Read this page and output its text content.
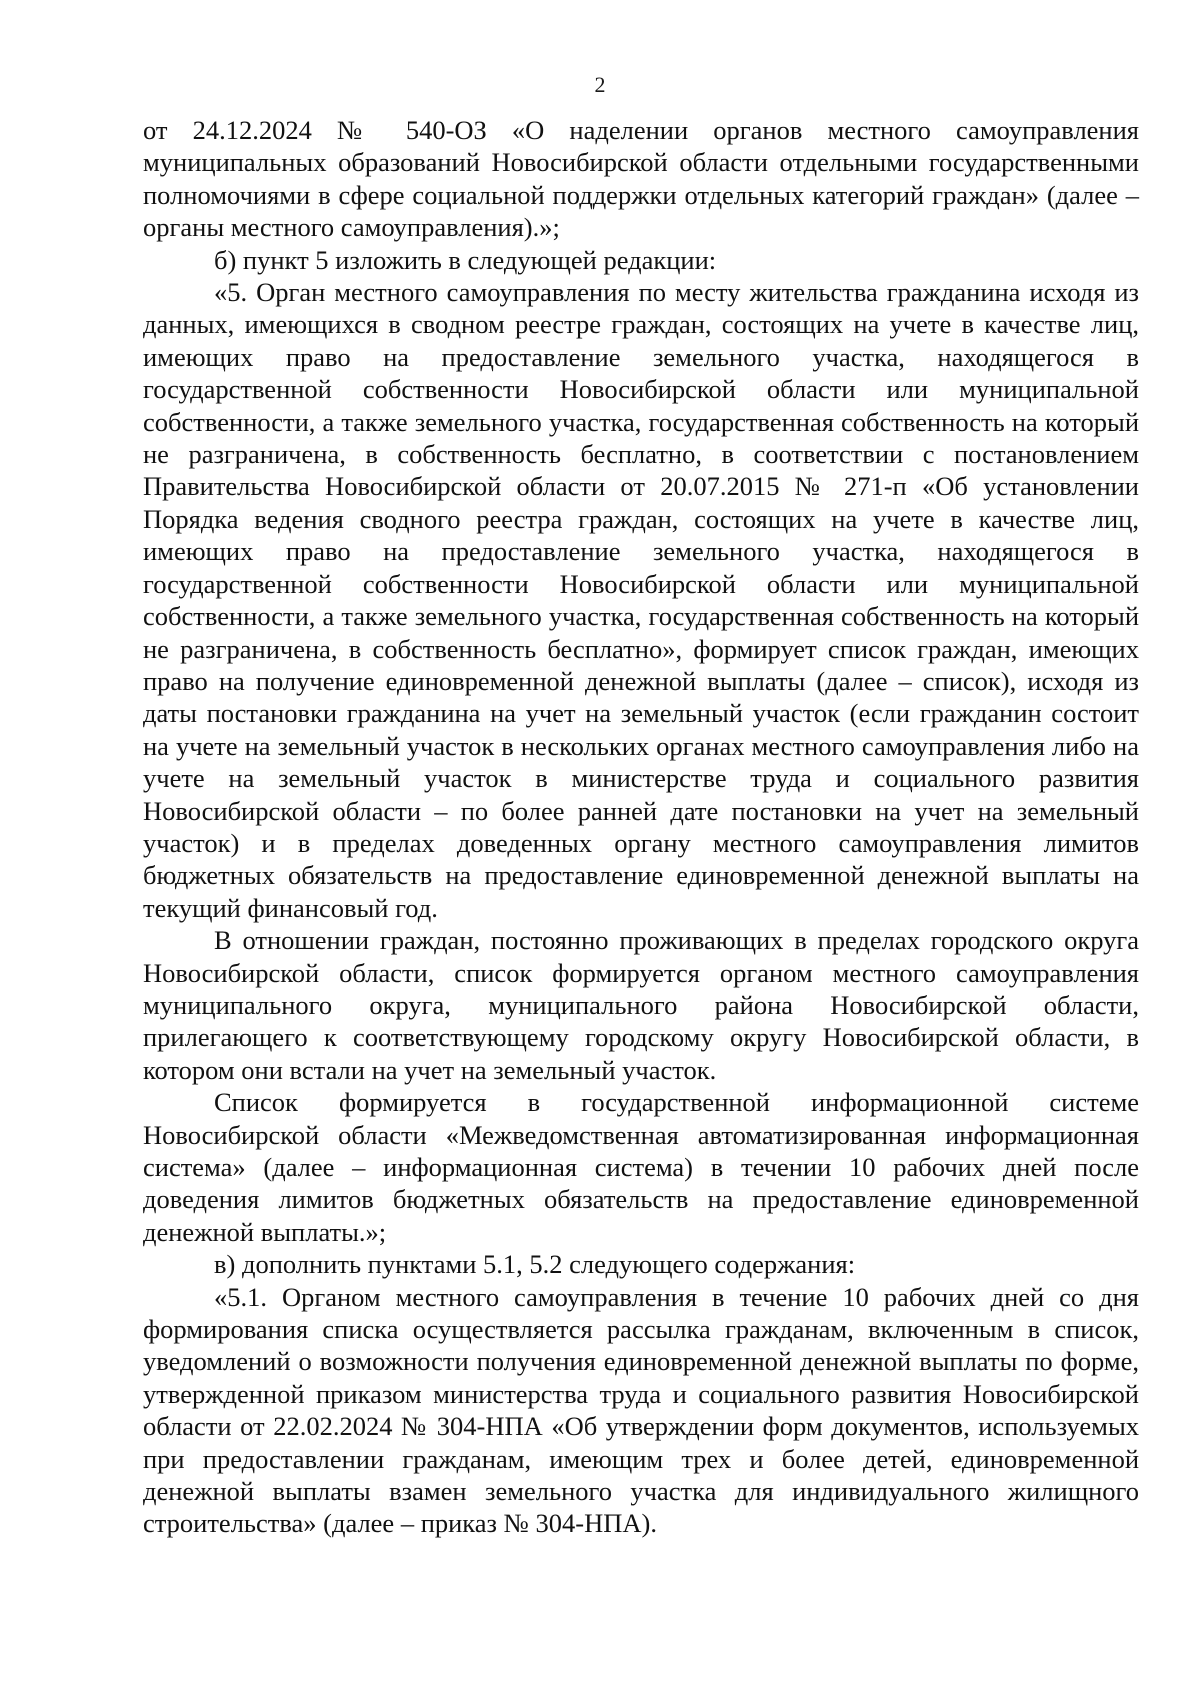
2

от 24.12.2024 № 540-ОЗ «О наделении органов местного самоуправления муниципальных образований Новосибирской области отдельными государственными полномочиями в сфере социальной поддержки отдельных категорий граждан» (далее – органы местного самоуправления).»;

б) пункт 5 изложить в следующей редакции:

«5. Орган местного самоуправления по месту жительства гражданина исходя из данных, имеющихся в сводном реестре граждан, состоящих на учете в качестве лиц, имеющих право на предоставление земельного участка, находящегося в государственной собственности Новосибирской области или муниципальной собственности, а также земельного участка, государственная собственность на который не разграничена, в собственность бесплатно, в соответствии с постановлением Правительства Новосибирской области от 20.07.2015 № 271-п «Об установлении Порядка ведения сводного реестра граждан, состоящих на учете в качестве лиц, имеющих право на предоставление земельного участка, находящегося в государственной собственности Новосибирской области или муниципальной собственности, а также земельного участка, государственная собственность на который не разграничена, в собственность бесплатно», формирует список граждан, имеющих право на получение единовременной денежной выплаты (далее – список), исходя из даты постановки гражданина на учет на земельный участок (если гражданин состоит на учете на земельный участок в нескольких органах местного самоуправления либо на учете на земельный участок в министерстве труда и социального развития Новосибирской области – по более ранней дате постановки на учет на земельный участок) и в пределах доведенных органу местного самоуправления лимитов бюджетных обязательств на предоставление единовременной денежной выплаты на текущий финансовый год.

В отношении граждан, постоянно проживающих в пределах городского округа Новосибирской области, список формируется органом местного самоуправления муниципального округа, муниципального района Новосибирской области, прилегающего к соответствующему городскому округу Новосибирской области, в котором они встали на учет на земельный участок.

Список формируется в государственной информационной системе Новосибирской области «Межведомственная автоматизированная информационная система» (далее – информационная система) в течении 10 рабочих дней после доведения лимитов бюджетных обязательств на предоставление единовременной денежной выплаты.»;

в) дополнить пунктами 5.1, 5.2 следующего содержания:

«5.1. Органом местного самоуправления в течение 10 рабочих дней со дня формирования списка осуществляется рассылка гражданам, включенным в список, уведомлений о возможности получения единовременной денежной выплаты по форме, утвержденной приказом министерства труда и социального развития Новосибирской области от 22.02.2024 № 304-НПА «Об утверждении форм документов, используемых при предоставлении гражданам, имеющим трех и более детей, единовременной денежной выплаты взамен земельного участка для индивидуального жилищного строительства» (далее – приказ № 304-НПА).
